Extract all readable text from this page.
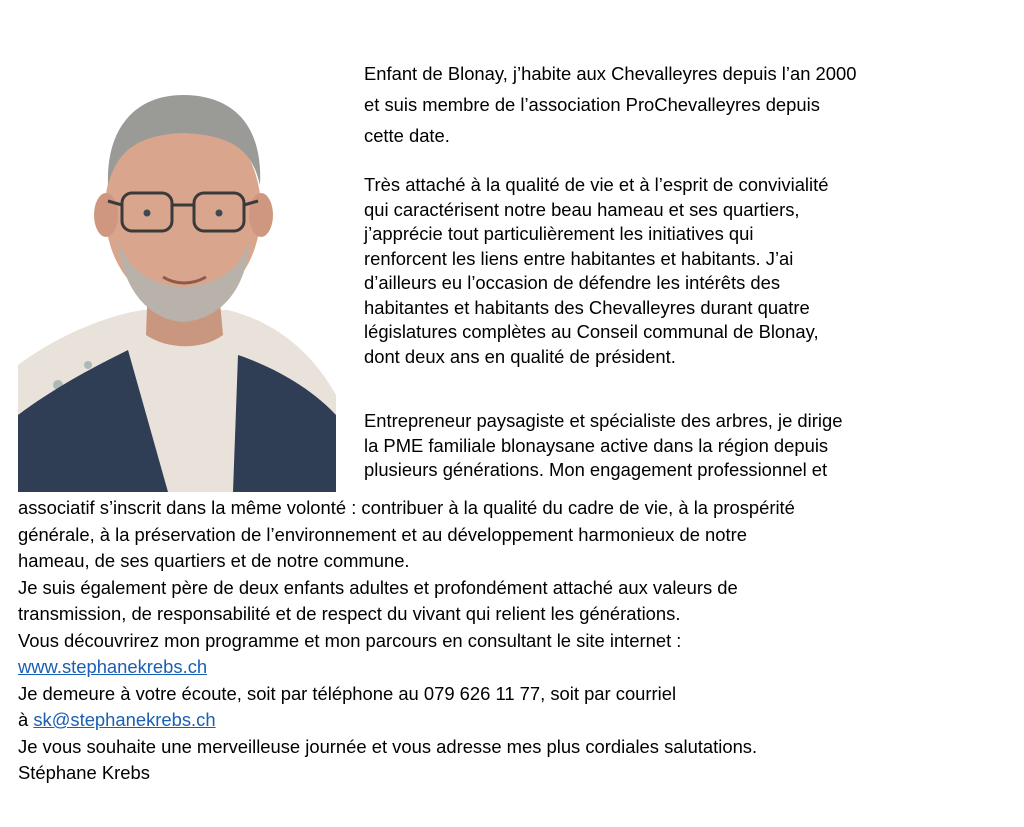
Enfant de Blonay, j’habite aux Chevalleyres depuis l’an 2000
et suis membre de l’association ProChevalleyres depuis
cette date.

Très attaché à la qualité de vie et à l’esprit de convivialité
qui caractérisent notre beau hameau et ses quartiers,
j’apprécie tout particulièrement les initiatives qui
renforcent les liens entre habitantes et habitants. J’ai
d’ailleurs eu l’occasion de défendre les intérêts des
habitantes et habitants des Chevalleyres durant quatre
législatures complètes au Conseil communal de Blonay,
dont deux ans en qualité de président.

Entrepreneur paysagiste et spécialiste des arbres, je dirige
la PME familiale blonaysane active dans la région depuis
plusieurs générations. Mon engagement professionnel et

associatif s’inscrit dans la même volonté : contribuer à la qualité du cadre de vie, à la prospérité
générale, à la préservation de l’environnement et au développement harmonieux de notre
hameau, de ses quartiers et de notre commune.
Je suis également père de deux enfants adultes et profondément attaché aux valeurs de
transmission, de responsabilité et de respect du vivant qui relient les générations.
Vous découvrirez mon programme et mon parcours en consultant le site internet :
www.stephanekrebs.ch
Je demeure à votre écoute, soit par téléphone au 079 626 11 77, soit par courriel
à sk@stephanekrebs.ch
Je vous souhaite une merveilleuse journée et vous adresse mes plus cordiales salutations.
Stéphane Krebs
